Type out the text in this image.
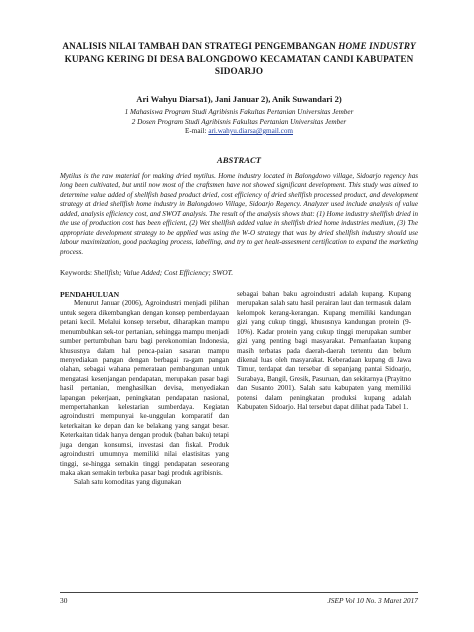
ANALISIS NILAI TAMBAH DAN STRATEGI PENGEMBANGAN HOME INDUSTRY KUPANG KERING DI DESA BALONGDOWO KECAMATAN CANDI KABUPATEN SIDOARJO
Ari Wahyu Diarsa1), Jani Januar 2), Anik Suwandari 2)
1 Mahasiswa Program Studi Agribisnis Fakultas Pertanian Universitas Jember
2 Dosen Program Studi Agribisnis Fakultas Pertanian Universitas Jember
E-mail: ari.wahyu.diarsa@gmail.com
ABSTRACT
Mytilus is the raw material for making dried mytilus. Home industry located in Balongdowo village, Sidoarjo regency has long been cultivated, but until now most of the craftsmen have not showed significant development. This study was aimed to determine value added of shellfish based product dried, cost efficiency of dried shellfish processed product, and development strategy at dried shellfish home industry in Balongdowo Village, Sidoarjo Regency. Analyzer used include analysis of value added, analysis efficiency cost, and SWOT analysis. The result of the analysis shows that: (1) Home industry shellfish dried in the use of production cost has been efficient, (2) Wet shellfish added value in shellfish dried home industries medium, (3) The appropriate development strategy to be applied was using the W-O strategy that was by dried shellfish industry should use labour maximization, good packaging process, labelling, and try to get healt-assesment certification to expand the marketing process.
Keywords: Shellfish; Value Added; Cost Efficiency; SWOT.
PENDAHULUAN

Menurut Januar (2006), Agroindustri menjadi pilihan untuk segera dikembangkan dengan konsep pemberdayaan petani kecil. Melalui konsep tersebut, diharapkan mampu menumbuhkan sek-tor pertanian, sehingga mampu menjadi sumber pertumbuhan baru bagi perekonomian Indonesia, khususnya dalam hal penca-paian sasaran mampu menyediakan pangan dengan berbagai ra-gam pangan olahan, sebagai wahana pemerataan pembangunan untuk mengatasi kesenjangan pendapatan, merupakan pasar bagi hasil pertanian, menghasilkan devisa, menyediakan lapangan pekerjaan, peningkatan pendapatan nasional, mempertahankan kelestarian sumberdaya. Kegiatan agroindustri mempunyai ke-unggulan komparatif dan keterkaitan ke depan dan ke belakang yang sangat besar. Keterkaitan tidak hanya dengan produk (bahan baku) tetapi juga dengan konsumsi, investasi dan fiskal. Produk agroindustri umumnya memiliki nilai elastisitas yang tinggi, se-hingga semakin tinggi pendapatan seseorang maka akan semakin terbuka pasar bagi produk agribisnis.

Salah satu komoditas yang digunakan

sebagai bahan baku agroindustri adalah kupang. Kupang merupakan salah satu hasil perairan laut dan termasuk dalam kelompok kerang-kerangan. Kupang memiliki kandungan gizi yang cukup tinggi, khususnya kandungan protein (9-10%). Kadar protein yang cukup tinggi merupakan sumber gizi yang penting bagi masyarakat. Pemanfaatan kupang masih terbatas pada daerah-daerah tertentu dan belum dikenal luas oleh masyarakat. Keberadaan kupang di Jawa Timur, terdapat dan tersebar di sepanjang pantai Sidoarjo, Surabaya, Bangil, Gresik, Pasuruan, dan sekitarnya (Prayitno dan Susanto 2001). Salah satu kabupaten yang memiliki potensi dalam peningkatan produksi kupang adalah Kabupaten Sidoarjo. Hal tersebut dapat dilihat pada Tabel 1.

30	JSEP Vol 10 No. 3 Maret 2017
